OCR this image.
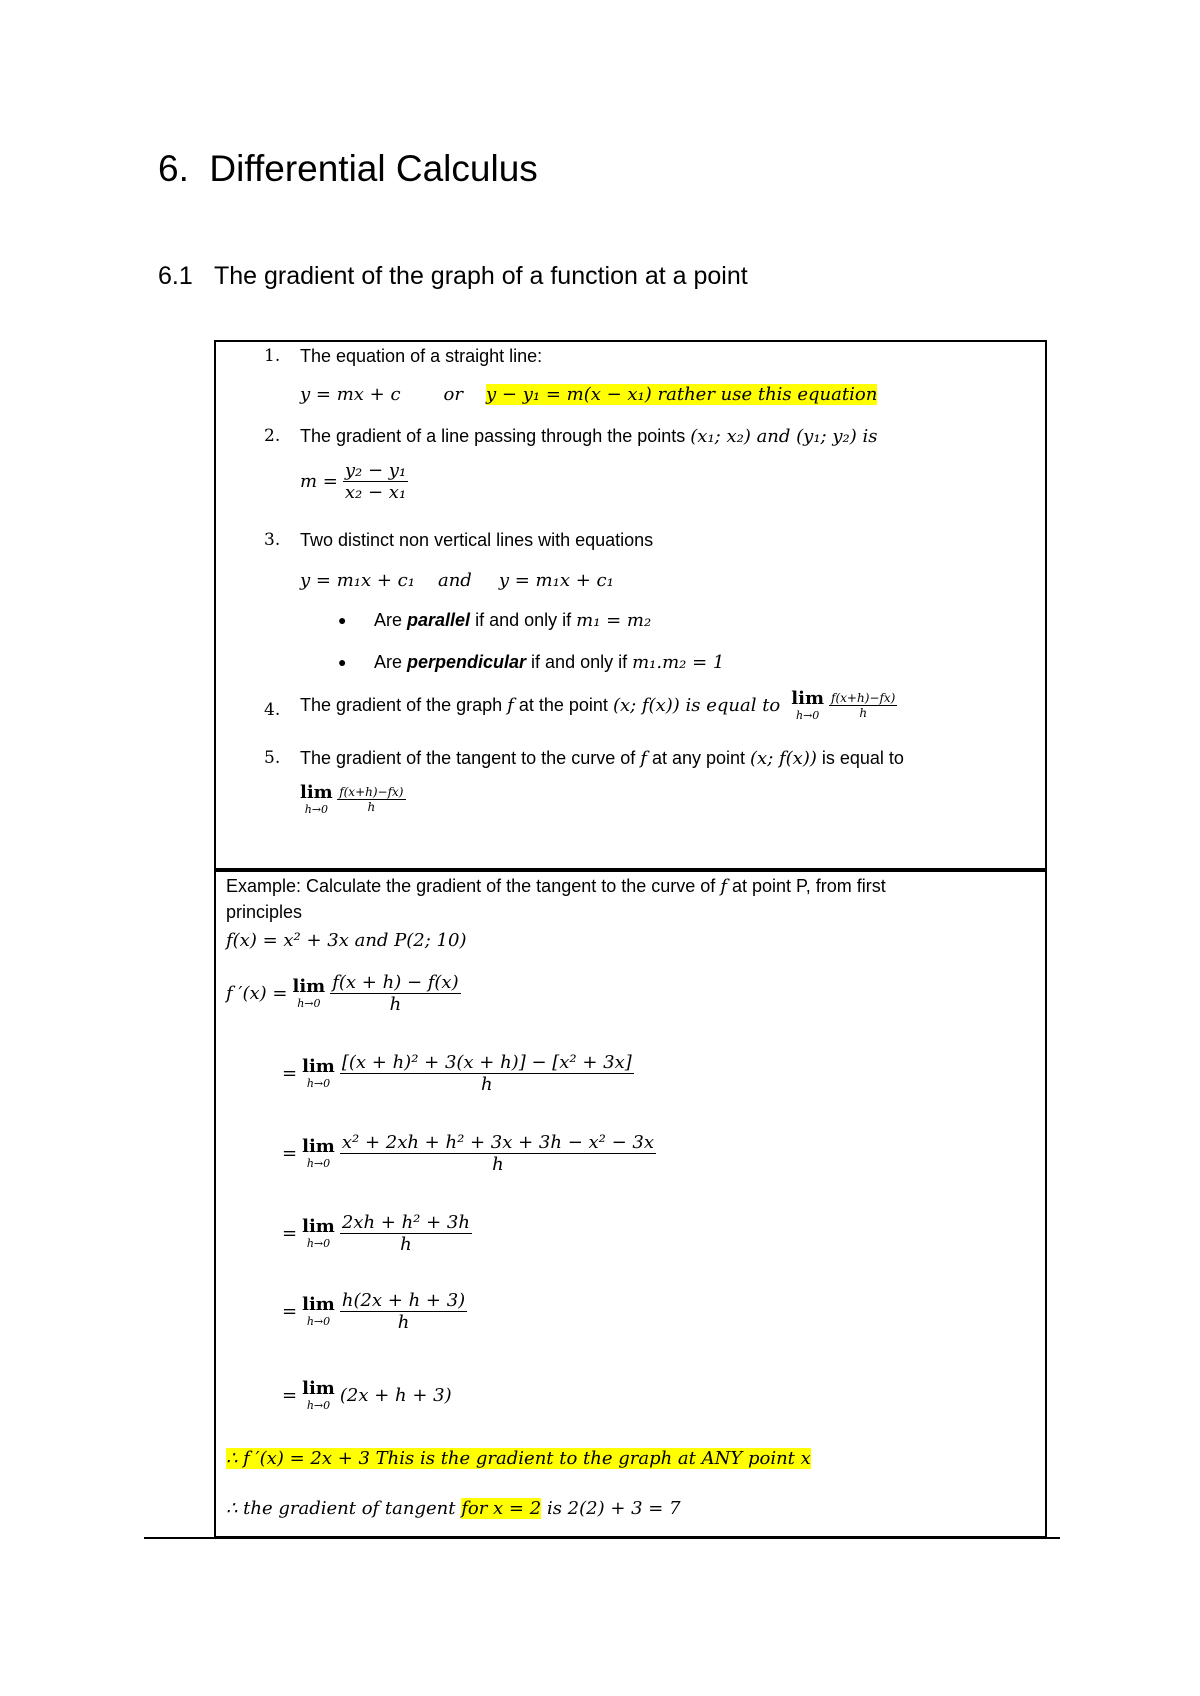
6. Differential Calculus
6.1 The gradient of the graph of a function at a point
1. The equation of a straight line:
y = mx + c or y − y₁ = m(x − x₁) rather use this equation
2. The gradient of a line passing through the points (x₁; x₂) and (y₁; y₂) is
$m = \frac{\text{y₂ − y₁}}{\text{x₂ − x₁}}$
3. Two distinct non vertical lines with equations
y = m₁x + c₁ and y = m₁x + c₁
● Are parallel if and only if m₁ = m₂
● Are perpendicular if and only if m₁.m₂ = 1
4. The gradient of the graph f at the point (x; f(x)) is equal to lim
h→0
$\frac{f(x+h)-fx)}{h}$
5. The gradient of the tangent to the curve of f at any point (x; f(x)) is equal to
lim
h→0
$\frac{f(x+h)-fx)}{h}$
Example: Calculate the gradient of the tangent to the curve of f at point P, from first
principles
f(x) = x² + 3x and P(2; 10)
f ′(x) = lim
h→0
$\frac{f(x + h) - f(x)}{h}$
= lim
h→0
$\frac{\text{[(x + h)² + 3(x + h)] − [x² + 3x]}}{h}$
= lim
h→0
$\frac{\text{x² + 2xh + h² + 3x + 3h − x² − 3x}}{h}$
= lim
h→0
$\frac{\text{2xh + h² + 3h}}{h}$
= lim
h→0
$\frac{h(2x + h + 3)}{h}$
= lim
h→0 (2x + h + 3)
∴ f ′(x) = 2x + 3 This is the gradient to the graph at ANY point x
∴ the gradient of tangent for x = 2 is 2(2) + 3 = 7
